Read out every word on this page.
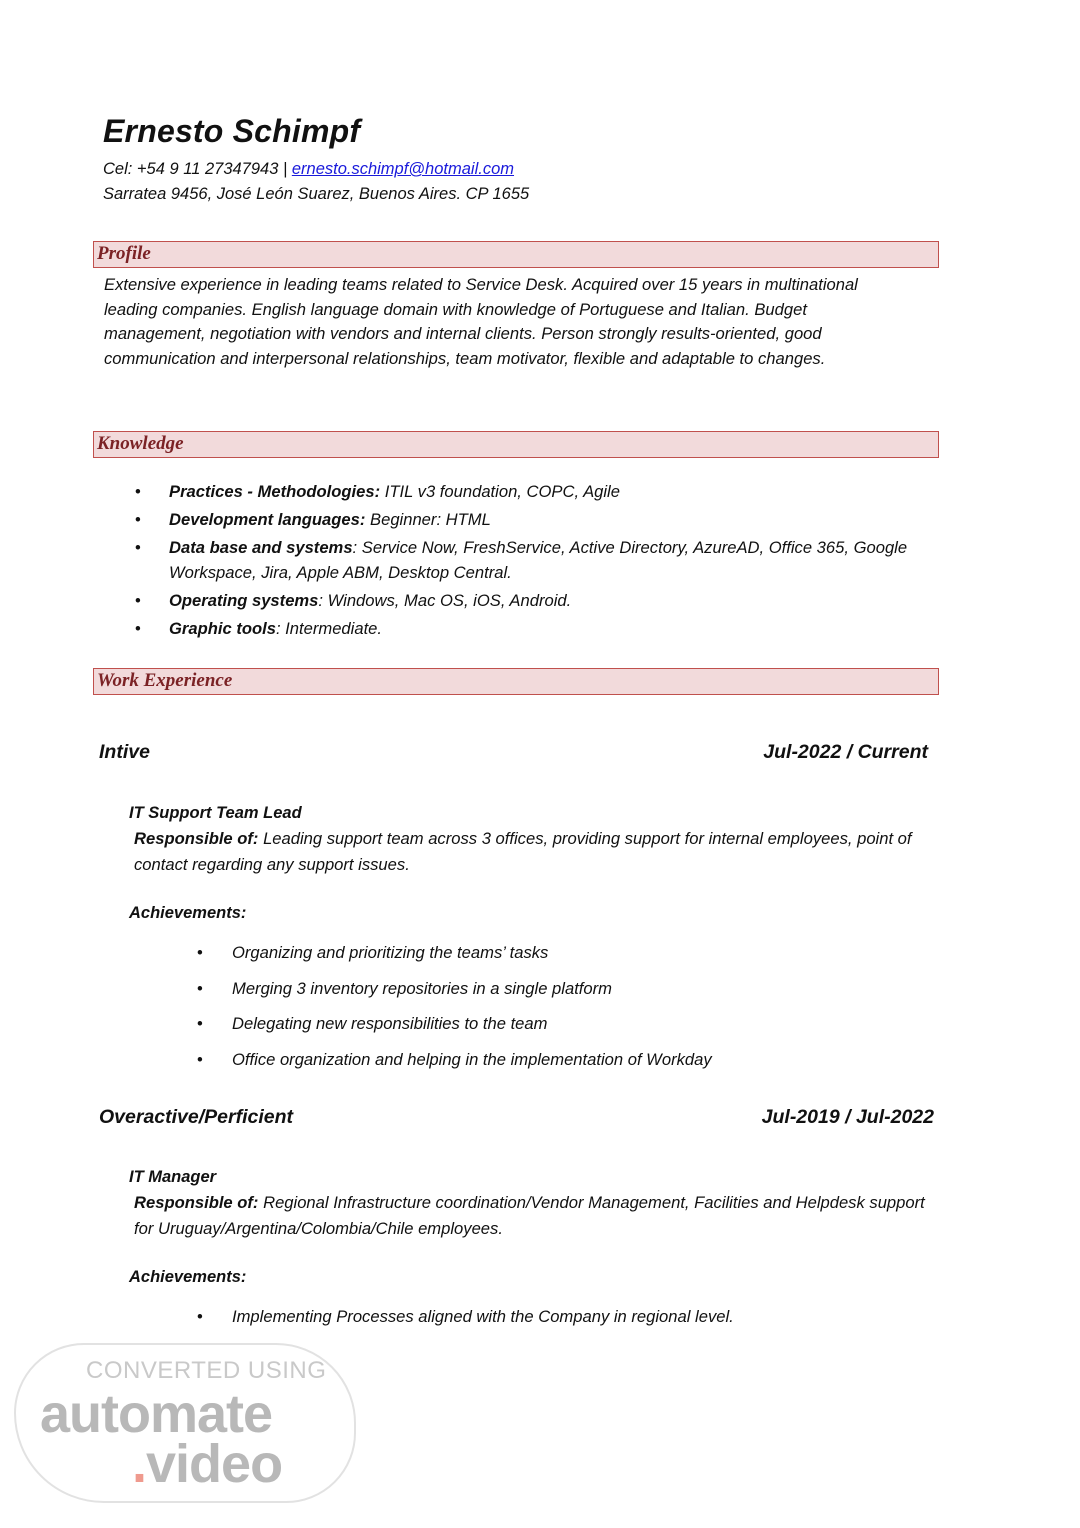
Ernesto Schimpf
Cel: +54 9 11 27347943 | ernesto.schimpf@hotmail.com
Sarratea 9456, José León Suarez, Buenos Aires. CP 1655
Profile

Extensive experience in leading teams related to Service Desk. Acquired over 15 years in multinational leading companies. English language domain with knowledge of Portuguese and Italian. Budget management, negotiation with vendors and internal clients. Person strongly results-oriented, good communication and interpersonal relationships, team motivator, flexible and adaptable to changes.

Knowledge
• Practices - Methodologies: ITIL v3 foundation, COPC, Agile
• Development languages: Beginner: HTML
• Data base and systems: Service Now, FreshService, Active Directory, AzureAD, Office 365, Google Workspace, Jira, Apple ABM, Desktop Central.
• Operating systems: Windows, Mac OS, iOS, Android.
• Graphic tools: Intermediate.
Work Experience
Intive	Jul-2022 / Current
IT Support Team Lead

Responsible of: Leading support team across 3 offices, providing support for internal employees, point of contact regarding any support issues.

Achievements:
• Organizing and prioritizing the teams’ tasks
• Merging 3 inventory repositories in a single platform
• Delegating new responsibilities to the team
• Office organization and helping in the implementation of Workday
Overactive/Perficient	Jul-2019 / Jul-2022
IT Manager

Responsible of: Regional Infrastructure coordination/Vendor Management, Facilities and Helpdesk support for Uruguay/Argentina/Colombia/Chile employees.

Achievements:
• Implementing Processes aligned with the Company in regional level.
CONVERTED USING
automate
.video
